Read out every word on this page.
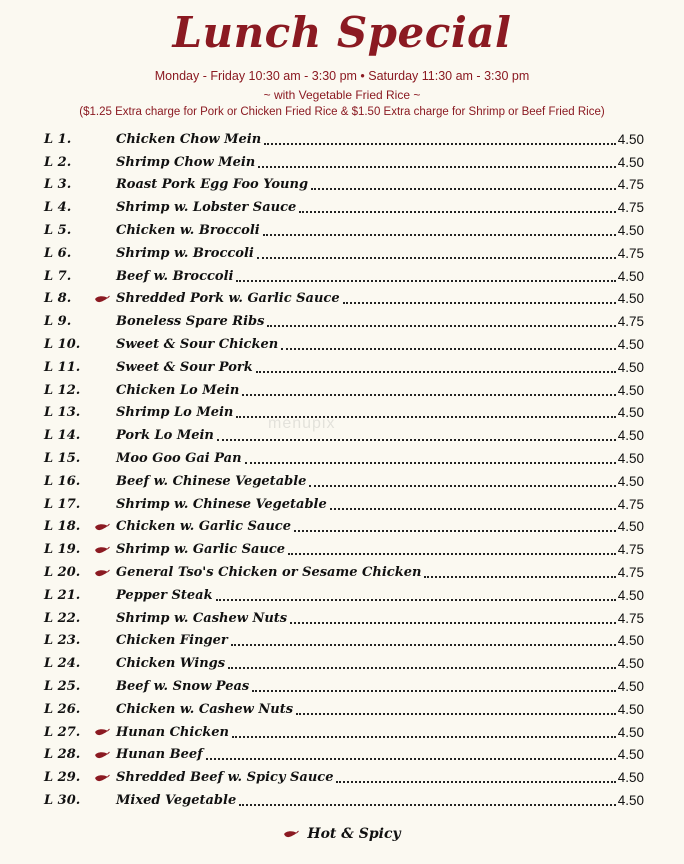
Lunch Special
Monday - Friday 10:30 am - 3:30 pm • Saturday 11:30 am - 3:30 pm
~ with Vegetable Fried Rice ~
($1.25 Extra charge for Pork or Chicken Fried Rice & $1.50 Extra charge for Shrimp or Beef Fried Rice)
menupix
L 1.	Chicken Chow Mein	4.50
L 2.	Shrimp Chow Mein	4.50
L 3.	Roast Pork Egg Foo Young	4.75
L 4.	Shrimp w. Lobster Sauce	4.75
L 5.	Chicken w. Broccoli	4.50
L 6.	Shrimp w. Broccoli	4.75
L 7.	Beef w. Broccoli	4.50
L 8.	Shredded Pork w. Garlic Sauce	4.50
L 9.	Boneless Spare Ribs	4.75
L 10.	Sweet & Sour Chicken	4.50
L 11.	Sweet & Sour Pork	4.50
L 12.	Chicken Lo Mein	4.50
L 13.	Shrimp Lo Mein	4.50
L 14.	Pork Lo Mein	4.50
L 15.	Moo Goo Gai Pan	4.50
L 16.	Beef w. Chinese Vegetable	4.50
L 17.	Shrimp w. Chinese Vegetable	4.75
L 18.	Chicken w. Garlic Sauce	4.50
L 19.	Shrimp w. Garlic Sauce	4.75
L 20.	General Tso's Chicken or Sesame Chicken	4.75
L 21.	Pepper Steak	4.50
L 22.	Shrimp w. Cashew Nuts	4.75
L 23.	Chicken Finger	4.50
L 24.	Chicken Wings	4.50
L 25.	Beef w. Snow Peas	4.50
L 26.	Chicken w. Cashew Nuts	4.50
L 27.	Hunan Chicken	4.50
L 28.	Hunan Beef	4.50
L 29.	Shredded Beef w. Spicy Sauce	4.50
L 30.	Mixed Vegetable	4.50
Hot & Spicy
